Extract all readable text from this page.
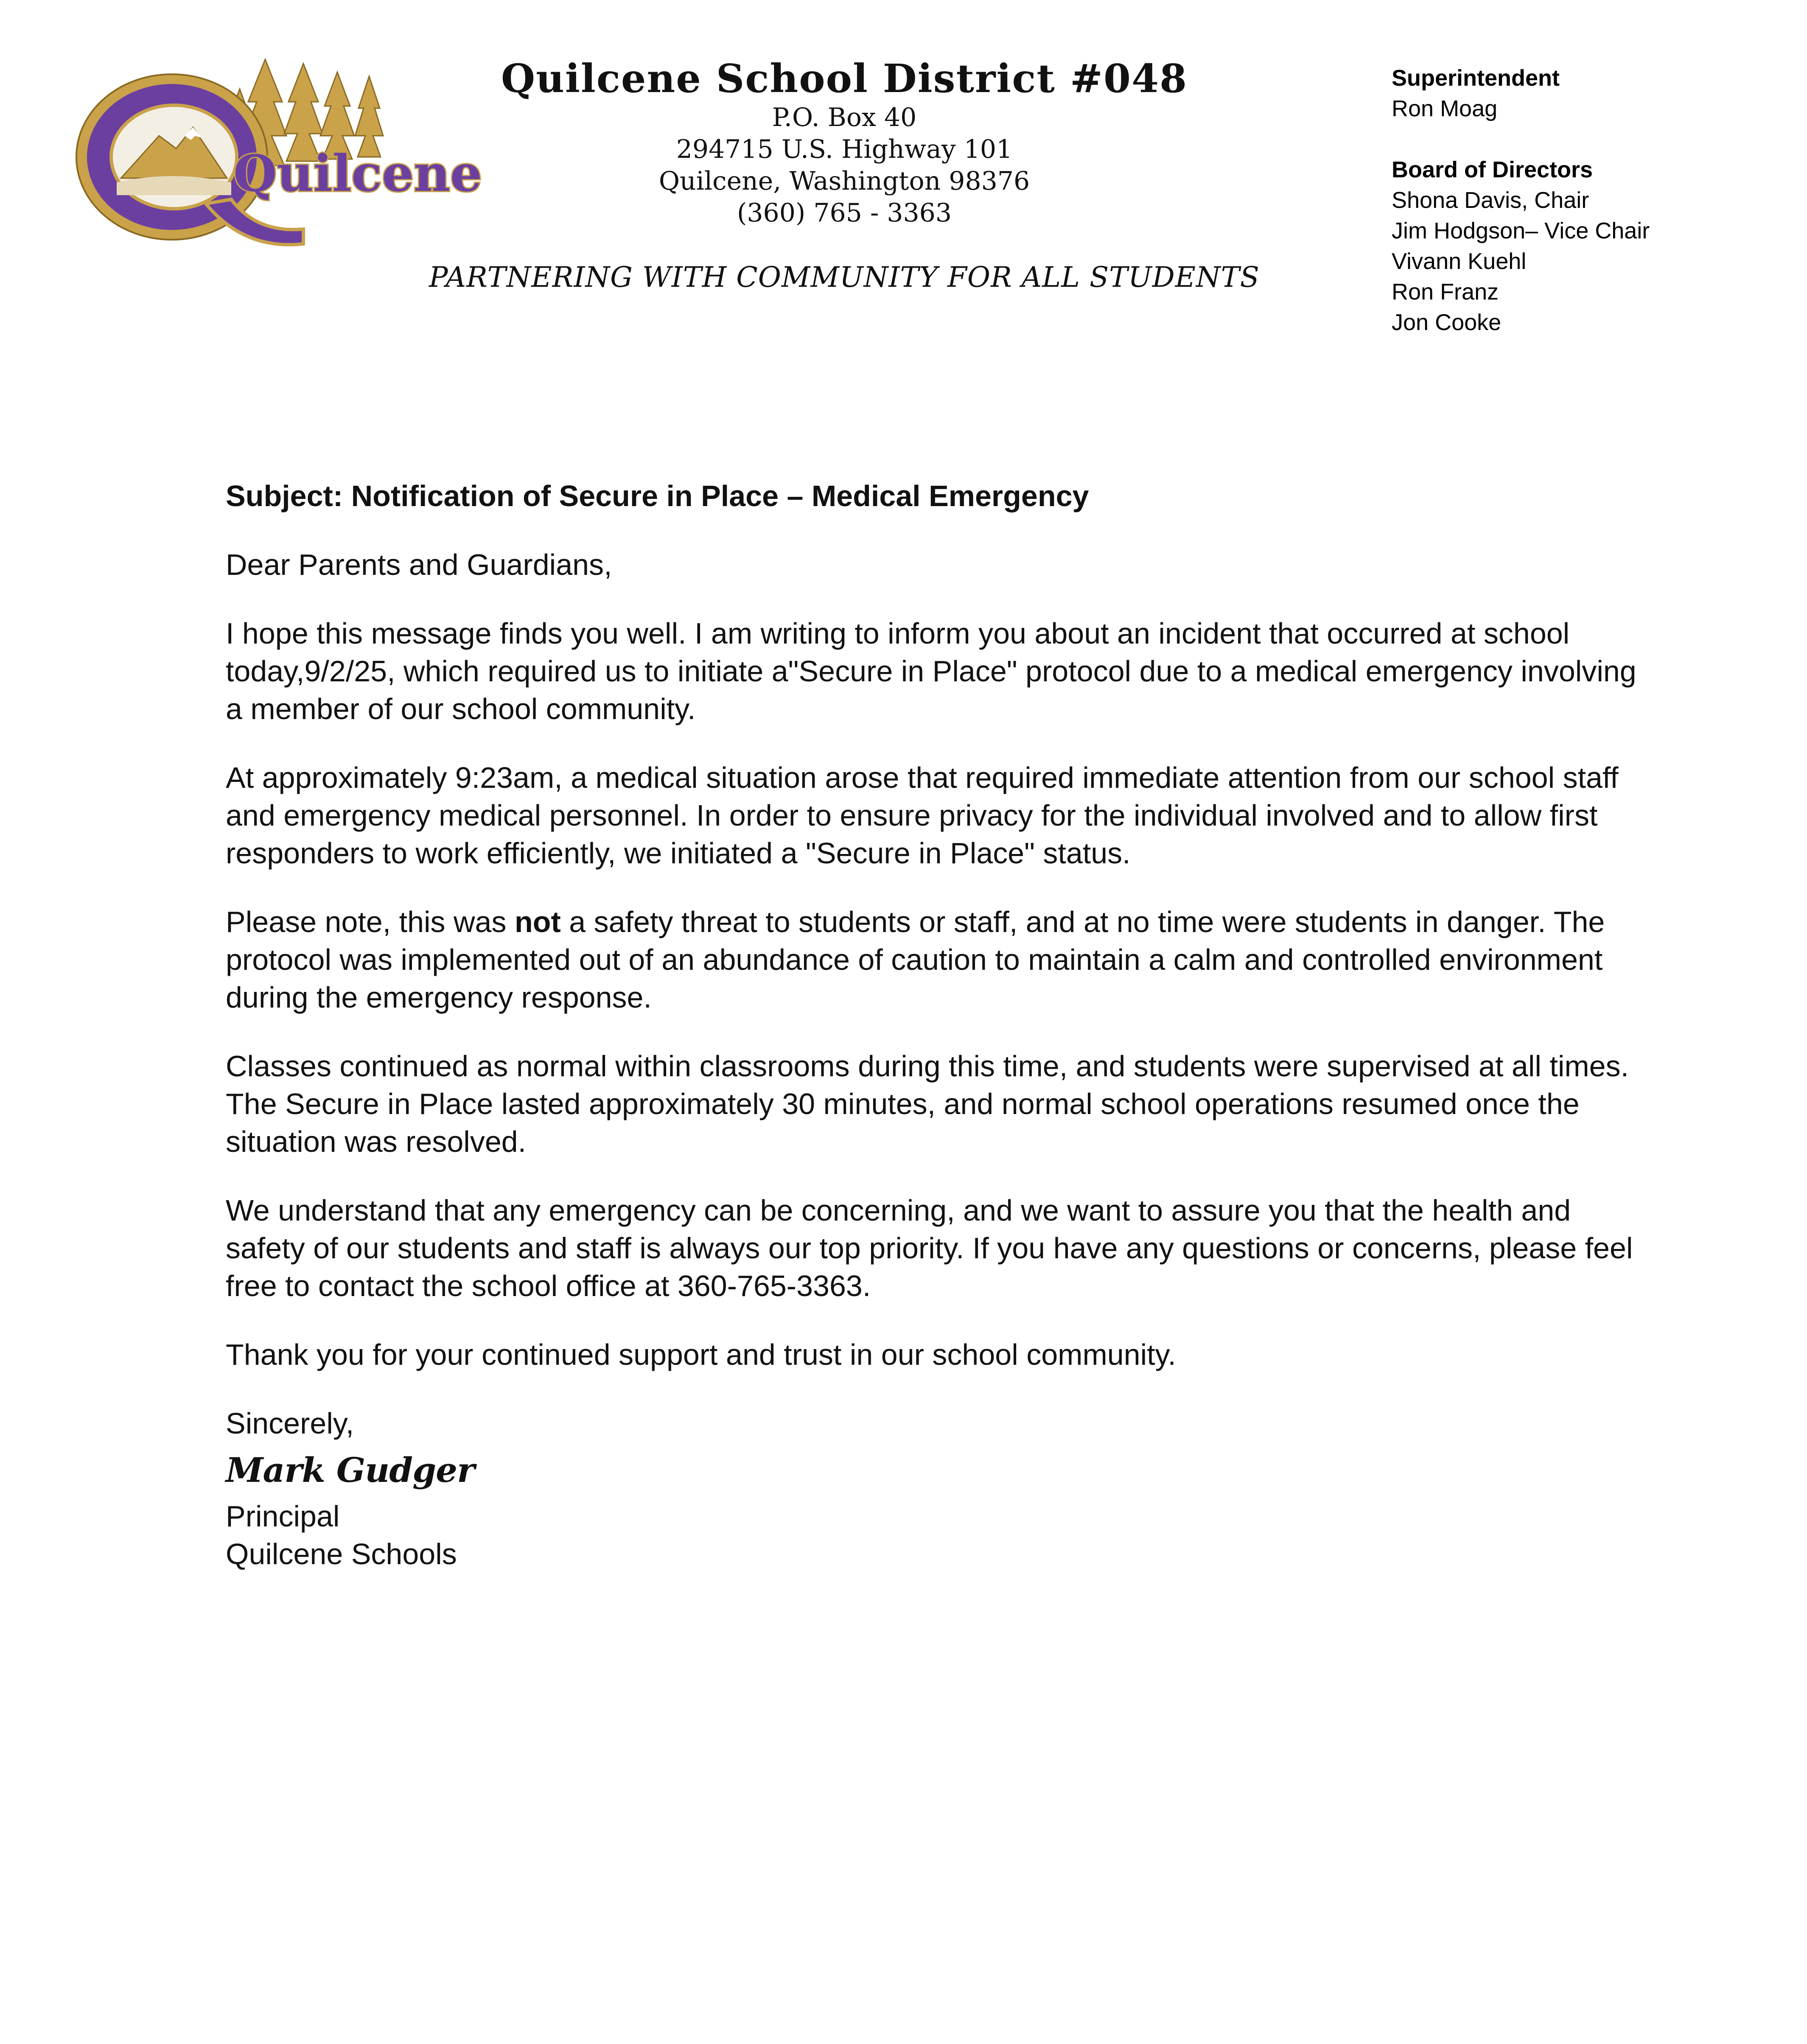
Quilcene
Quilcene School District #048
P.O. Box 40
294715 U.S. Highway 101
Quilcene, Washington 98376
(360) 765 - 3363
PARTNERING WITH COMMUNITY FOR ALL STUDENTS
Superintendent
Ron Moag
Board of Directors
Shona Davis, Chair
Jim Hodgson– Vice Chair
Vivann Kuehl
Ron Franz
Jon Cooke

Subject: Notification of Secure in Place – Medical Emergency

Dear Parents and Guardians,

I hope this message finds you well. I am writing to inform you about an incident that occurred at school today,9/2/25, which required us to initiate a"Secure in Place" protocol due to a medical emergency involving a member of our school community.

At approximately 9:23am, a medical situation arose that required immediate attention from our school staff and emergency medical personnel. In order to ensure privacy for the individual involved and to allow first responders to work efficiently, we initiated a "Secure in Place" status.

Please note, this was not a safety threat to students or staff, and at no time were students in danger. The protocol was implemented out of an abundance of caution to maintain a calm and controlled environment during the emergency response.

Classes continued as normal within classrooms during this time, and students were supervised at all times. The Secure in Place lasted approximately 30 minutes, and normal school operations resumed once the situation was resolved.

We understand that any emergency can be concerning, and we want to assure you that the health and safety of our students and staff is always our top priority. If you have any questions or concerns, please feel free to contact the school office at 360-765-3363.

Thank you for your continued support and trust in our school community.

Sincerely,

Mark Gudger

Principal

Quilcene Schools
